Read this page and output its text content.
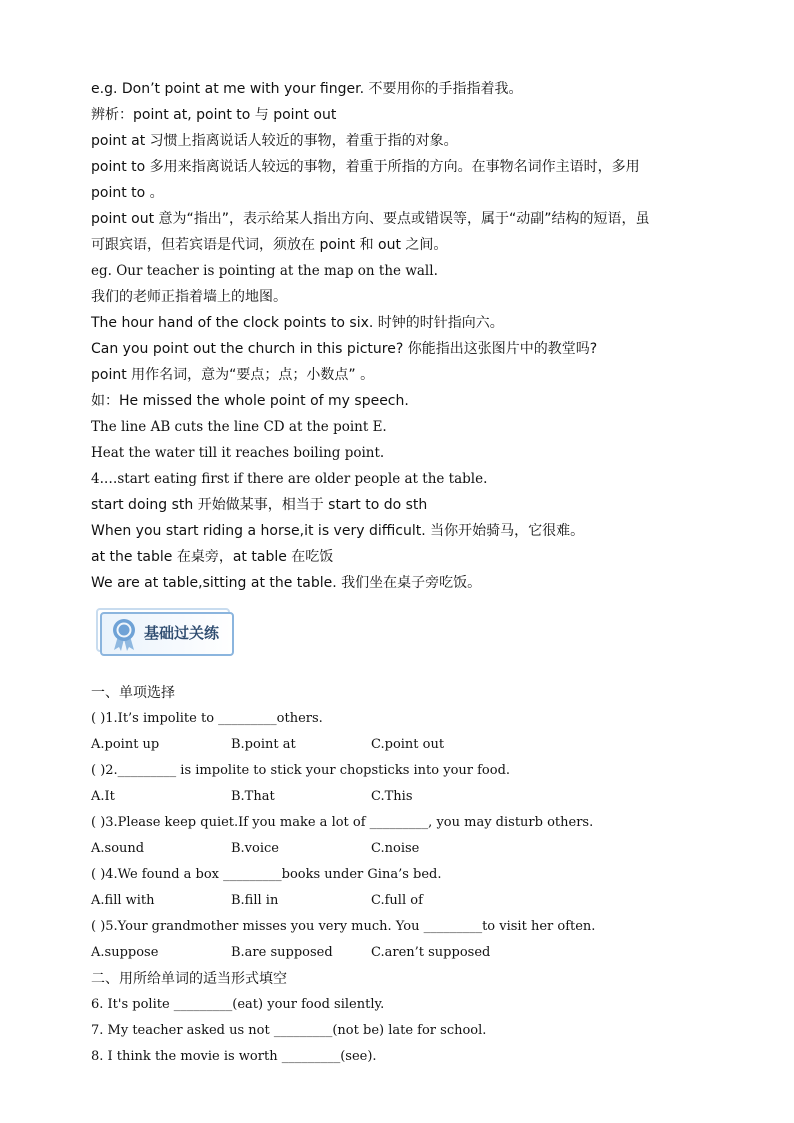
e.g. Don’t point at me with your finger. 不要用你的手指指着我。
辨析：point at, point to 与 point out
point at 习惯上指离说话人较近的事物，着重于指的对象。
point to 多用来指离说话人较远的事物，着重于所指的方向。在事物名词作主语时，多用
point to 。
point out 意为“指出”，表示给某人指出方向、要点或错误等，属于“动副”结构的短语，虽
可跟宾语，但若宾语是代词，须放在 point 和 out 之间。
eg. Our teacher is pointing at the map on the wall.
我们的老师正指着墙上的地图。
The hour hand of the clock points to six. 时钟的时针指向六。
Can you point out the church in this picture? 你能指出这张图片中的教堂吗?
point 用作名词，意为“要点；点；小数点” 。
如：He missed the whole point of my speech.
The line AB cuts the line CD at the point E.
Heat the water till it reaches boiling point.
4.…start eating first if there are older people at the table.
start doing sth 开始做某事，相当于 start to do sth
When you start riding a horse,it is very difficult. 当你开始骑马，它很难。
at the table 在桌旁，at table 在吃饭
We are at table,sitting at the table. 我们坐在桌子旁吃饭。
基础过关练
一、单项选择
( )1.It’s impolite to _________others.
A.point up	B.point at	C.point out
( )2._________ is impolite to stick your chopsticks into your food.
A.It	B.That	C.This
( )3.Please keep quiet.If you make a lot of _________, you may disturb others.
A.sound	B.voice	C.noise
( )4.We found a box _________books under Gina’s bed.
A.fill with	B.fill in	C.full of
( )5.Your grandmother misses you very much. You _________to visit her often.
A.suppose	B.are supposed	C.aren’t supposed
二、用所给单词的适当形式填空
6. It's polite _________(eat) your food silently.
7. My teacher asked us not _________(not be) late for school.
8. I think the movie is worth _________(see).
